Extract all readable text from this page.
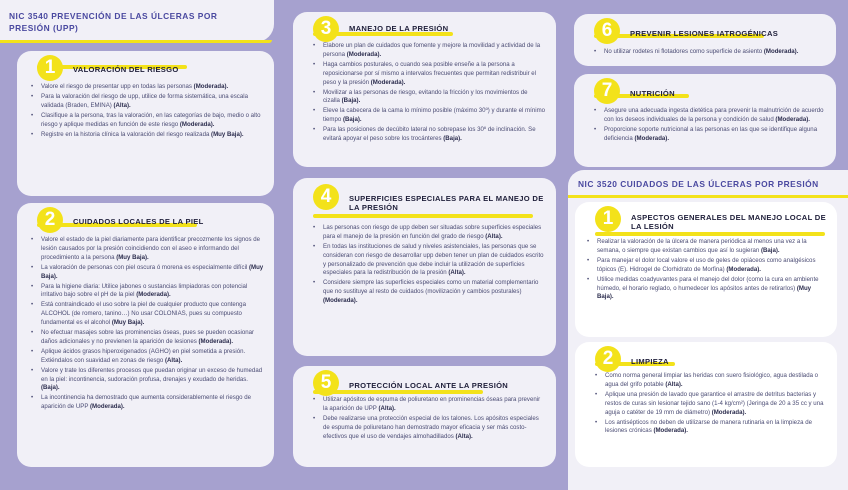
NIC 3540 PREVENCIÓN DE LAS ÚLCERAS POR PRESIÓN (UPP)
1	VALORACIÓN DEL RIESGO
• Valore el riesgo de presentar upp en todas las personas (Moderada).
• Para la valoración del riesgo de upp, utilice de forma sistemática, una escala validada (Braden, EMINA) (Alta).
• Clasifique a la persona, tras la valoración, en las categorías de bajo, medio o alto riesgo y aplique medidas en función de este riesgo (Moderada).
• Registre en la historia clínica la valoración del riesgo realizada (Muy Baja).
2	CUIDADOS LOCALES DE LA PIEL
• Valore el estado de la piel diariamente para identificar precozmente los signos de lesión causados por la presión coincidiendo con el aseo e informando del procedimiento a la persona (Muy Baja).
• La valoración de personas con piel oscura ó morena es especialmente difícil (Muy Baja).
• Para la higiene diaria: Utilice jabones o sustancias limpiadoras con potencial irritativo bajo sobre el pH de la piel (Moderada).
• Está contraindicado el uso sobre la piel de cualquier producto que contenga ALCOHOL (de romero, tanino…) No usar COLONIAS, pues su compuesto fundamental es el alcohol (Muy Baja).
• No efectuar masajes sobre las prominencias óseas, pues se pueden ocasionar daños adicionales y no previenen la aparición de lesiones (Moderada).
• Aplique ácidos grasos hiperoxigenados (AGHO) en piel sometida a presión. Extiéndalos con suavidad en zonas de riesgo (Alta).
• Valore y trate los diferentes procesos que puedan originar un exceso de humedad en la piel: incontinencia, sudoración profusa, drenajes y exudado de heridas. (Baja).
• La incontinencia ha demostrado que aumenta considerablemente el riesgo de aparición de UPP (Moderada).
3	MANEJO DE LA PRESIÓN
• Elabore un plan de cuidados que fomente y mejore la movilidad y actividad de la persona (Moderada).
• Haga cambios posturales, o cuando sea posible enseñe a la persona a reposicionarse por sí mismo a intervalos frecuentes que permitan redistribuir el peso y la presión (Moderada).
• Movilizar a las personas de riesgo, evitando la fricción y los movimientos de cizalla (Baja).
• Eleve la cabecera de la cama lo mínimo posible (máximo 30º) y durante el mínimo tiempo (Baja).
• Para las posiciones de decúbito lateral no sobrepase los 30º de inclinación. Se evitará apoyar el peso sobre los trocánteres (Baja).
4	SUPERFICIES ESPECIALES PARA EL MANEJO DE LA PRESIÓN
• Las personas con riesgo de upp deben ser situadas sobre superficies especiales para el manejo de la presión en función del grado de riesgo (Alta).
• En todas las instituciones de salud y niveles asistenciales, las personas que se consideran con riesgo de desarrollar upp deben tener un plan de cuidados escrito y personalizado de prevención que debe incluir la utilización de superficies especiales para la redistribución de la presión (Alta).
• Considere siempre las superficies especiales como un material complementario que no sustituye al resto de cuidados (movilización y cambios posturales) (Moderada).
5	PROTECCIÓN LOCAL ANTE LA PRESIÓN
• Utilizar apósitos de espuma de poliuretano en prominencias óseas para prevenir la aparición de UPP (Alta).
• Debe realizarse una protección especial de los talones. Los apósitos especiales de espuma de poliuretano han demostrado mayor eficacia y ser más costo-efectivos que el uso de vendajes almohadillados (Alta).
6	PREVENIR LESIONES IATROGÉNICAS
• No utilizar rodetes ni flotadores como superficie de asiento (Moderada).
7	NUTRICIÓN
• Asegure una adecuada ingesta dietética para prevenir la malnutrición de acuerdo con los deseos individuales de la persona y condición de salud (Moderada).
• Proporcione soporte nutricional a las personas en las que se identifique alguna deficiencia (Moderada).
NIC 3520 CUIDADOS DE LAS ÚLCERAS POR PRESIÓN
1	ASPECTOS GENERALES DEL MANEJO LOCAL DE LA LESIÓN
• Realizar la valoración de la úlcera de manera periódica al menos una vez a la semana, o siempre que existan cambios que así lo sugieran (Baja).
• Para manejar el dolor local valore el uso de geles de opiáceos como analgésicos tópicos (E). Hidrogel de Clorhidrato de Morfina) (Moderada).
• Utilice medidas coadyuvantes para el manejo del dolor (como la cura en ambiente húmedo, el horario reglado, o humedecer los apósitos antes de retirarlos) (Muy Baja).
2	LIMPIEZA
• Como norma general limpiar las heridas con suero fisiológico, agua destilada o agua del grifo potable (Alta).
• Aplique una presión de lavado que garantice el arrastre de detritus bacterias y restos de curas sin lesionar tejido sano (1-4 kg/cm²) (Jeringa de 20 a 35 cc y una aguja o catéter de 19 mm de diámetro) (Moderada).
• Los antisépticos no deben de utilizarse de manera rutinaria en la limpieza de lesiones crónicas (Moderada).
